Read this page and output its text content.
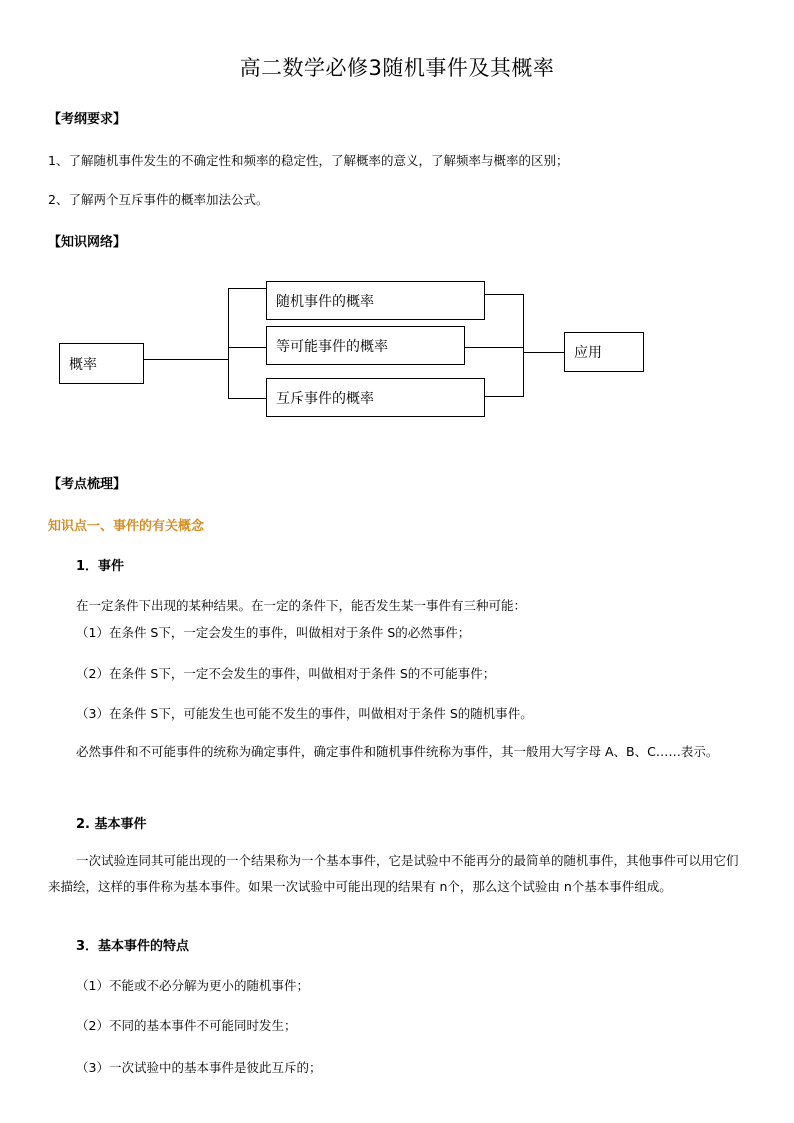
高二数学必修3随机事件及其概率
【考纲要求】
1、了解随机事件发生的不确定性和频率的稳定性，了解概率的意义，了解频率与概率的区别；
2、了解两个互斥事件的概率加法公式。
【知识网络】
概率
随机事件的概率
等可能事件的概率
互斥事件的概率
应用
【考点梳理】
知识点一、事件的有关概念
1．事件
在一定条件下出现的某种结果。在一定的条件下，能否发生某一事件有三种可能：
（1）在条件 S下，一定会发生的事件，叫做相对于条件 S的必然事件；
（2）在条件 S下，一定不会发生的事件，叫做相对于条件 S的不可能事件；
（3）在条件 S下，可能发生也可能不发生的事件，叫做相对于条件 S的随机事件。
必然事件和不可能事件的统称为确定事件，确定事件和随机事件统称为事件，其一般用大写字母 A、B、C……表示。
2. 基本事件
一次试验连同其可能出现的一个结果称为一个基本事件，它是试验中不能再分的最简单的随机事件，其他事件可以用它们来描绘，这样的事件称为基本事件。如果一次试验中可能出现的结果有 n个，那么这个试验由 n个基本事件组成。
3．基本事件的特点
（1）不能或不必分解为更小的随机事件；
（2）不同的基本事件不可能同时发生；
（3）一次试验中的基本事件是彼此互斥的；
